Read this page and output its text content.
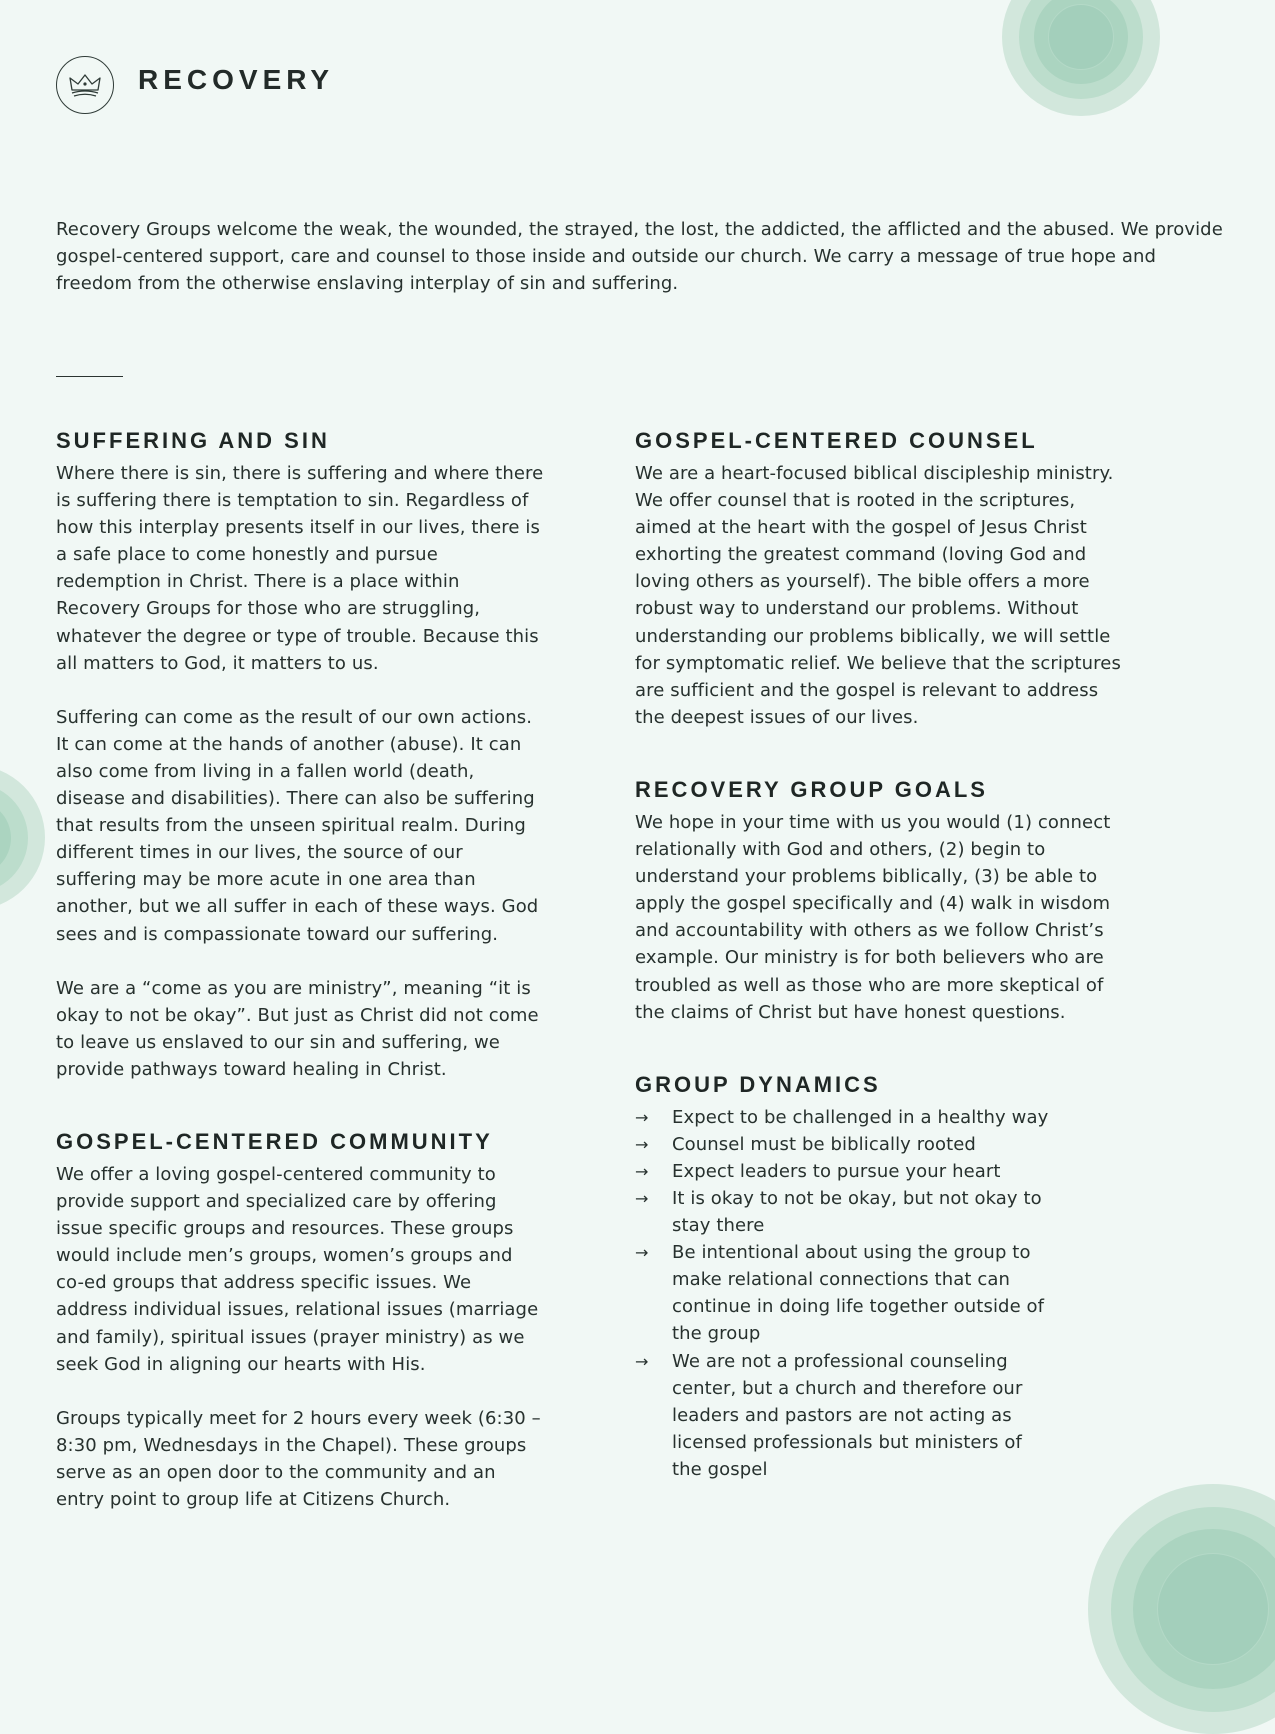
RECOVERY

Recovery Groups welcome the weak, the wounded, the strayed, the lost, the addicted, the afflicted and the abused. We provide gospel-centered support, care and counsel to those inside and outside our church. We carry a message of true hope and freedom from the otherwise enslaving interplay of sin and suffering.

SUFFERING AND SIN

Where there is sin, there is suffering and where there is suffering there is temptation to sin. Regardless of how this interplay presents itself in our lives, there is a safe place to come honestly and pursue redemption in Christ. There is a place within Recovery Groups for those who are struggling, whatever the degree or type of trouble. Because this all matters to God, it matters to us.

Suffering can come as the result of our own actions. It can come at the hands of another (abuse). It can also come from living in a fallen world (death, disease and disabilities). There can also be suffering that results from the unseen spiritual realm. During different times in our lives, the source of our suffering may be more acute in one area than another, but we all suffer in each of these ways. God sees and is compassionate toward our suffering.

We are a “come as you are ministry”, meaning “it is okay to not be okay”. But just as Christ did not come to leave us enslaved to our sin and suffering, we provide pathways toward healing in Christ.

GOSPEL-CENTERED COMMUNITY

We offer a loving gospel-centered community to provide support and specialized care by offering issue specific groups and resources. These groups would include men’s groups, women’s groups and co-ed groups that address specific issues. We address individual issues, relational issues (marriage and family), spiritual issues (prayer ministry) as we seek God in aligning our hearts with His.

Groups typically meet for 2 hours every week (6:30 – 8:30 pm, Wednesdays in the Chapel). These groups serve as an open door to the community and an entry point to group life at Citizens Church.

GOSPEL-CENTERED COUNSEL

We are a heart-focused biblical discipleship ministry. We offer counsel that is rooted in the scriptures, aimed at the heart with the gospel of Jesus Christ exhorting the greatest command (loving God and loving others as yourself). The bible offers a more robust way to understand our problems. Without understanding our problems biblically, we will settle for symptomatic relief. We believe that the scriptures are sufficient and the gospel is relevant to address the deepest issues of our lives.

RECOVERY GROUP GOALS

We hope in your time with us you would (1) connect relationally with God and others, (2) begin to understand your problems biblically, (3) be able to apply the gospel specifically and (4) walk in wisdom and accountability with others as we follow Christ’s example. Our ministry is for both believers who are troubled as well as those who are more skeptical of the claims of Christ but have honest questions.

GROUP DYNAMICS
→ Expect to be challenged in a healthy way
→ Counsel must be biblically rooted
→ Expect leaders to pursue your heart
→ It is okay to not be okay, but not okay to stay there
→ Be intentional about using the group to make relational connections that can continue in doing life together outside of the group
→ We are not a professional counseling center, but a church and therefore our leaders and pastors are not acting as licensed professionals but ministers of the gospel
